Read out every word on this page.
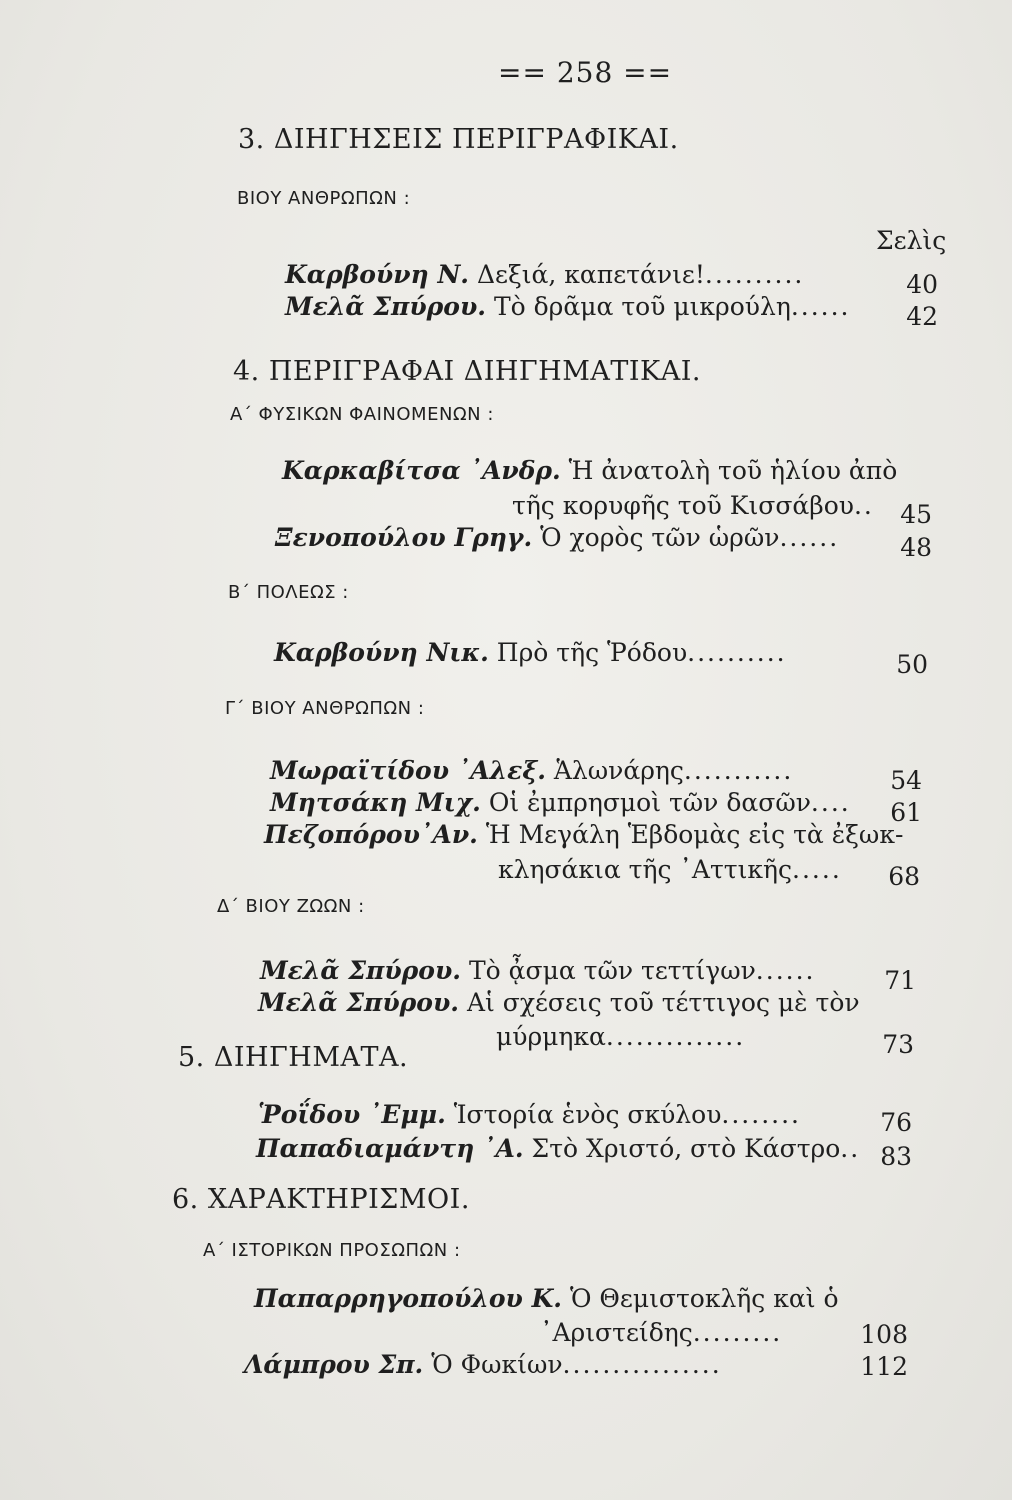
== 258 ==
3. ΔΙΗΓΗΣΕΙΣ ΠΕΡΙΓΡΑΦΙΚΑΙ.
ΒΙΟΥ ΑΝΘΡΩΠΩΝ :
Σελὶς
Καρβούνη Ν. Δεξιά, καπετάνιε!..........	40
Μελᾶ Σπύρου. Τὸ δρᾶμα τοῦ μικρούλη......	42
4. ΠΕΡΙΓΡΑΦΑΙ ΔΙΗΓΗΜΑΤΙΚΑΙ.
Α΄ ΦΥΣΙΚΩΝ ΦΑΙΝΟΜΕΝΩΝ :
Καρκαβίτσα ᾿Ανδρ. Ἡ ἀνατολὴ τοῦ ἡλίου ἀπὸ
τῆς κορυφῆς τοῦ Κισσάβου..	45
Ξενοπούλου Γρηγ. Ὁ χορὸς τῶν ὡρῶν......	48
Β΄ ΠΟΛΕΩΣ :
Καρβούνη Νικ. Πρὸ τῆς Ῥόδου..........	50
Γ΄ ΒΙΟΥ ΑΝΘΡΩΠΩΝ :
Μωραϊτίδου ᾿Αλεξ. Ἁλωνάρης...........	54
Μητσάκη Μιχ. Οἱ ἐμπρησμοὶ τῶν δασῶν....	61
Πεζοπόρου᾿Αν. Ἡ Μεγάλη Ἑβδομὰς εἰς τὰ ἐξωκ-
κλησάκια τῆς ᾿Αττικῆς.....	68
Δ΄ ΒΙΟΥ ΖΩΩΝ :
Μελᾶ Σπύρου. Τὸ ᾆσμα τῶν τεττίγων......	71
Μελᾶ Σπύρου. Αἱ σχέσεις τοῦ τέττιγος μὲ τὸν
μύρμηκα..............	73
5. ΔΙΗΓΗΜΑΤΑ.
Ῥοΐδου ᾿Εμμ. Ἱστορία ἑνὸς σκύλου........	76
Παπαδιαμάντη ᾿Α. Στὸ Χριστό, στὸ Κάστρο.. 83
6. ΧΑΡΑΚΤΗΡΙΣΜΟΙ.
Α΄ ΙΣΤΟΡΙΚΩΝ ΠΡΟΣΩΠΩΝ :
Παπαρρηγοπούλου Κ. Ὁ Θεμιστοκλῆς καὶ ὁ
᾿Αριστείδης.........	108
Λάμπρου Σπ. Ὁ Φωκίων................	112
